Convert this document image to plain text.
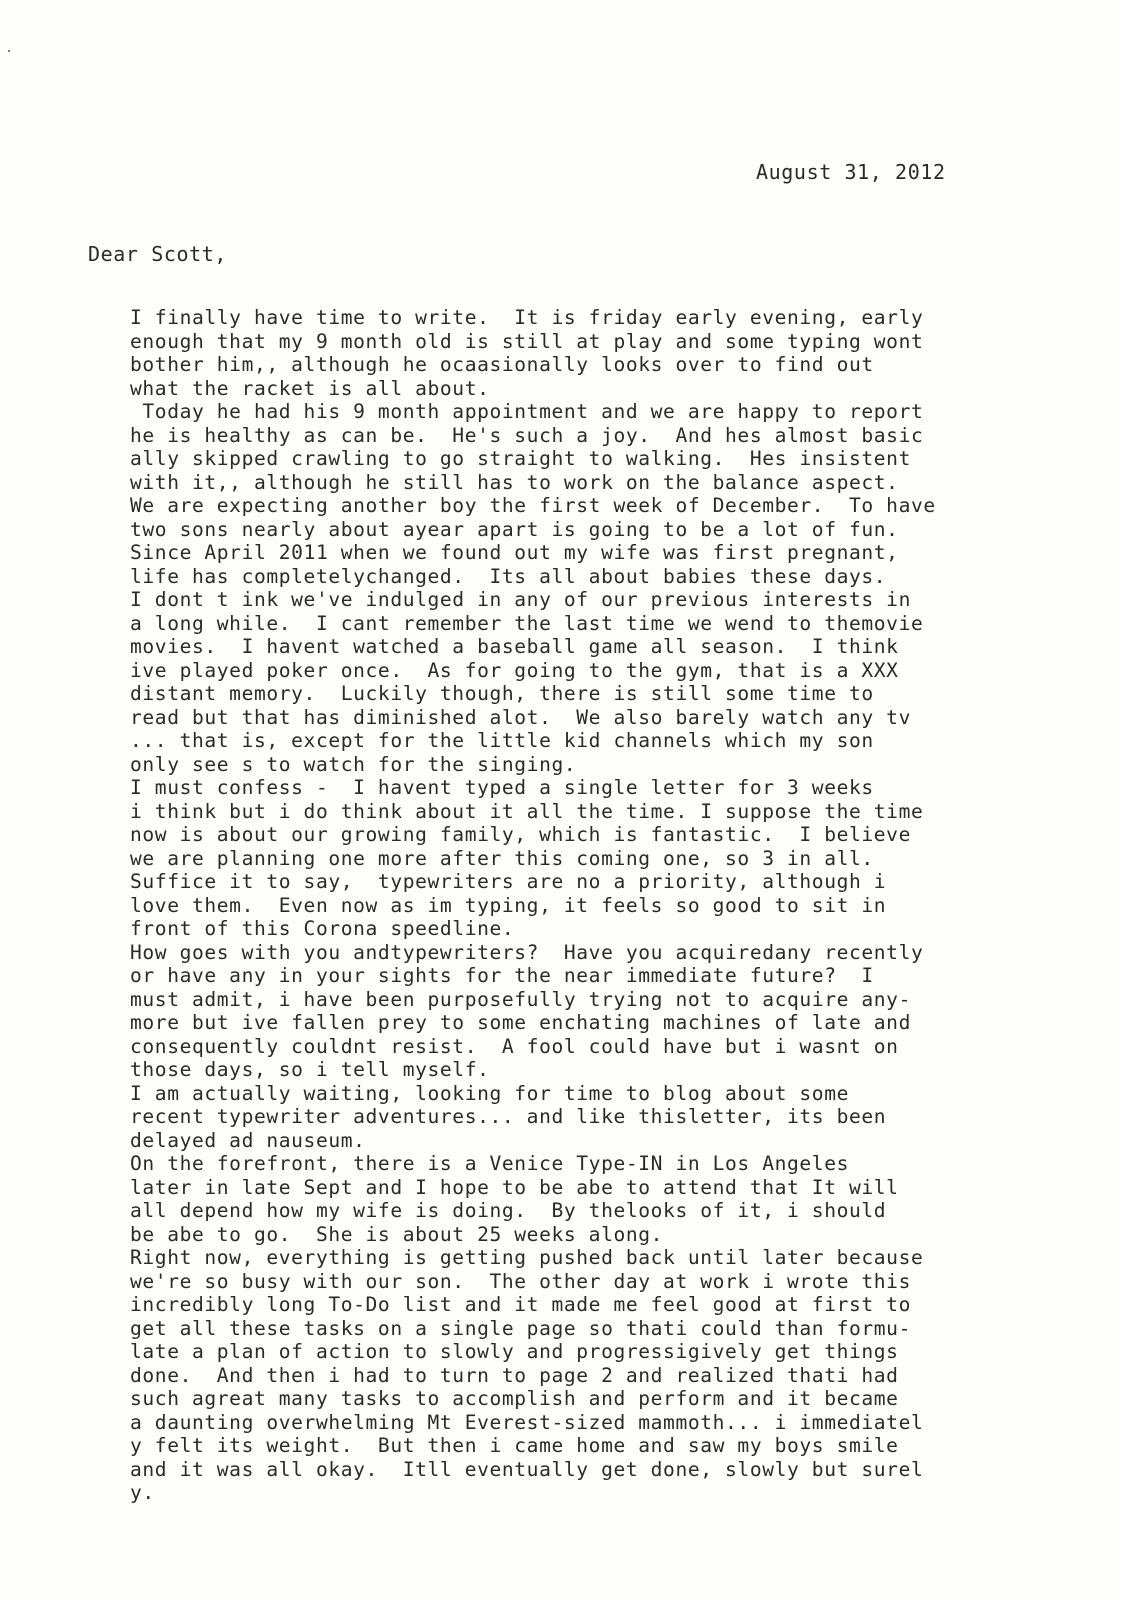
August 31, 2012
Dear Scott,
I finally have time to write.  It is friday early evening, early
enough that my 9 month old is still at play and some typing wont
bother him,, although he ocaasionally looks over to find out
what the racket is all about.
Today he had his 9 month appointment and we are happy to report
he is healthy as can be.  He's such a joy.  And hes almost basic
ally skipped crawling to go straight to walking.  Hes insistent
with it,, although he still has to work on the balance aspect.
We are expecting another boy the first week of December.  To have
two sons nearly about ayear apart is going to be a lot of fun.
Since April 2011 when we found out my wife was first pregnant,
life has completelychanged.  Its all about babies these days.
I dont t ink we've indulged in any of our previous interests in
a long while.  I cant remember the last time we wend to themovie
movies.  I havent watched a baseball game all season.  I think
ive played poker once.  As for going to the gym, that is a XXX
distant memory.  Luckily though, there is still some time to
read but that has diminished alot.  We also barely watch any tv
... that is, except for the little kid channels which my son
only see s to watch for the singing.
I must confess -  I havent typed a single letter for 3 weeks
i think but i do think about it all the time. I suppose the time
now is about our growing family, which is fantastic.  I believe
we are planning one more after this coming one, so 3 in all.
Suffice it to say,  typewriters are no a priority, although i
love them.  Even now as im typing, it feels so good to sit in
front of this Corona speedline.
How goes with you andtypewriters?  Have you acquiredany recently
or have any in your sights for the near immediate future?  I
must admit, i have been purposefully trying not to acquire any-
more but ive fallen prey to some enchating machines of late and
consequently couldnt resist.  A fool could have but i wasnt on
those days, so i tell myself.
I am actually waiting, looking for time to blog about some
recent typewriter adventures... and like thisletter, its been
delayed ad nauseum.
On the forefront, there is a Venice Type-IN in Los Angeles
later in late Sept and I hope to be abe to attend that It will
all depend how my wife is doing.  By thelooks of it, i should
be abe to go.  She is about 25 weeks along.
Right now, everything is getting pushed back until later because
we're so busy with our son.  The other day at work i wrote this
incredibly long To-Do list and it made me feel good at first to
get all these tasks on a single page so thati could than formu-
late a plan of action to slowly and progressigively get things
done.  And then i had to turn to page 2 and realized thati had
such agreat many tasks to accomplish and perform and it became
a daunting overwhelming Mt Everest-sized mammoth... i immediatel
y felt its weight.  But then i came home and saw my boys smile
and it was all okay.  Itll eventually get done, slowly but surel
y.
